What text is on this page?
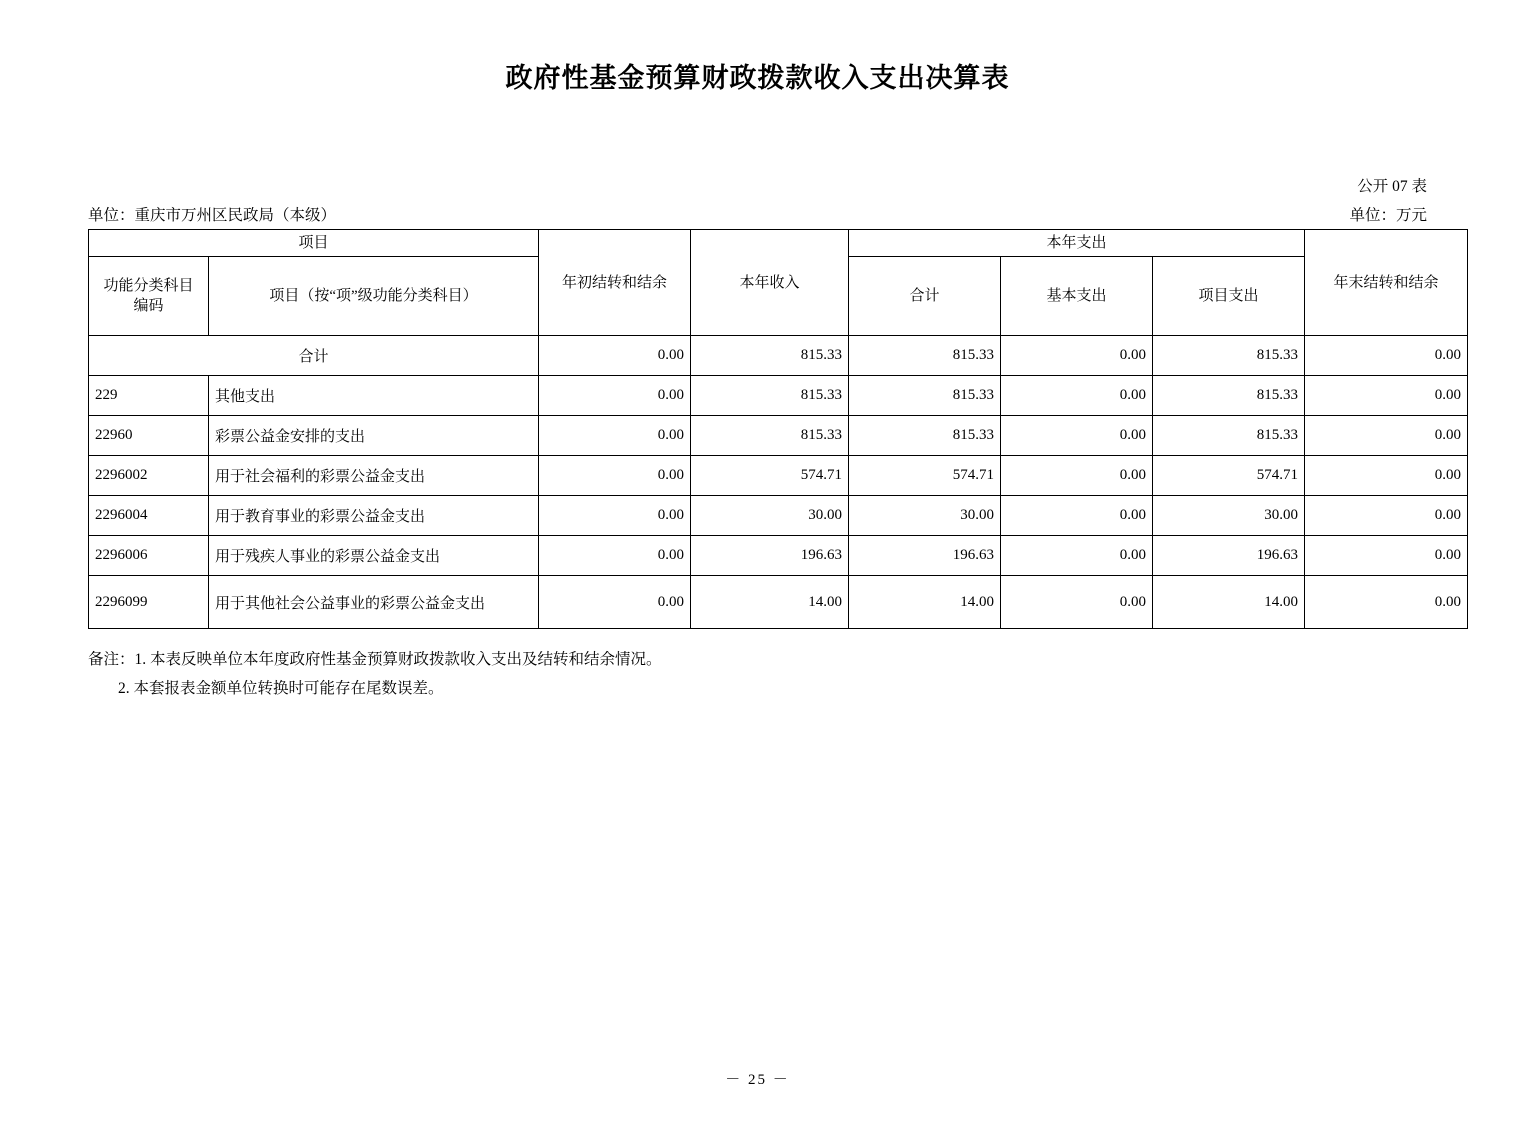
政府性基金预算财政拨款收入支出决算表
公开 07 表
单位：重庆市万州区民政局（本级）	单位：万元
项目		年初结转和结余	本年收入	本年支出			年末结转和结余

功能分类科目
编码	项目（按“项”级功能分类科目）			合计	基本支出	项目支出	
合计		0.00	815.33	815.33	0.00	815.33	0.00
229	其他支出	0.00	815.33	815.33	0.00	815.33	0.00
22960	彩票公益金安排的支出	0.00	815.33	815.33	0.00	815.33	0.00
2296002	用于社会福利的彩票公益金支出	0.00	574.71	574.71	0.00	574.71	0.00
2296004	用于教育事业的彩票公益金支出	0.00	30.00	30.00	0.00	30.00	0.00
2296006	用于残疾人事业的彩票公益金支出	0.00	196.63	196.63	0.00	196.63	0.00
2296099	用于其他社会公益事业的彩票公益金支出	0.00	14.00	14.00	0.00	14.00	0.00
备注：1. 本表反映单位本年度政府性基金预算财政拨款收入支出及结转和结余情况。
2. 本套报表金额单位转换时可能存在尾数误差。
－ 25 －
